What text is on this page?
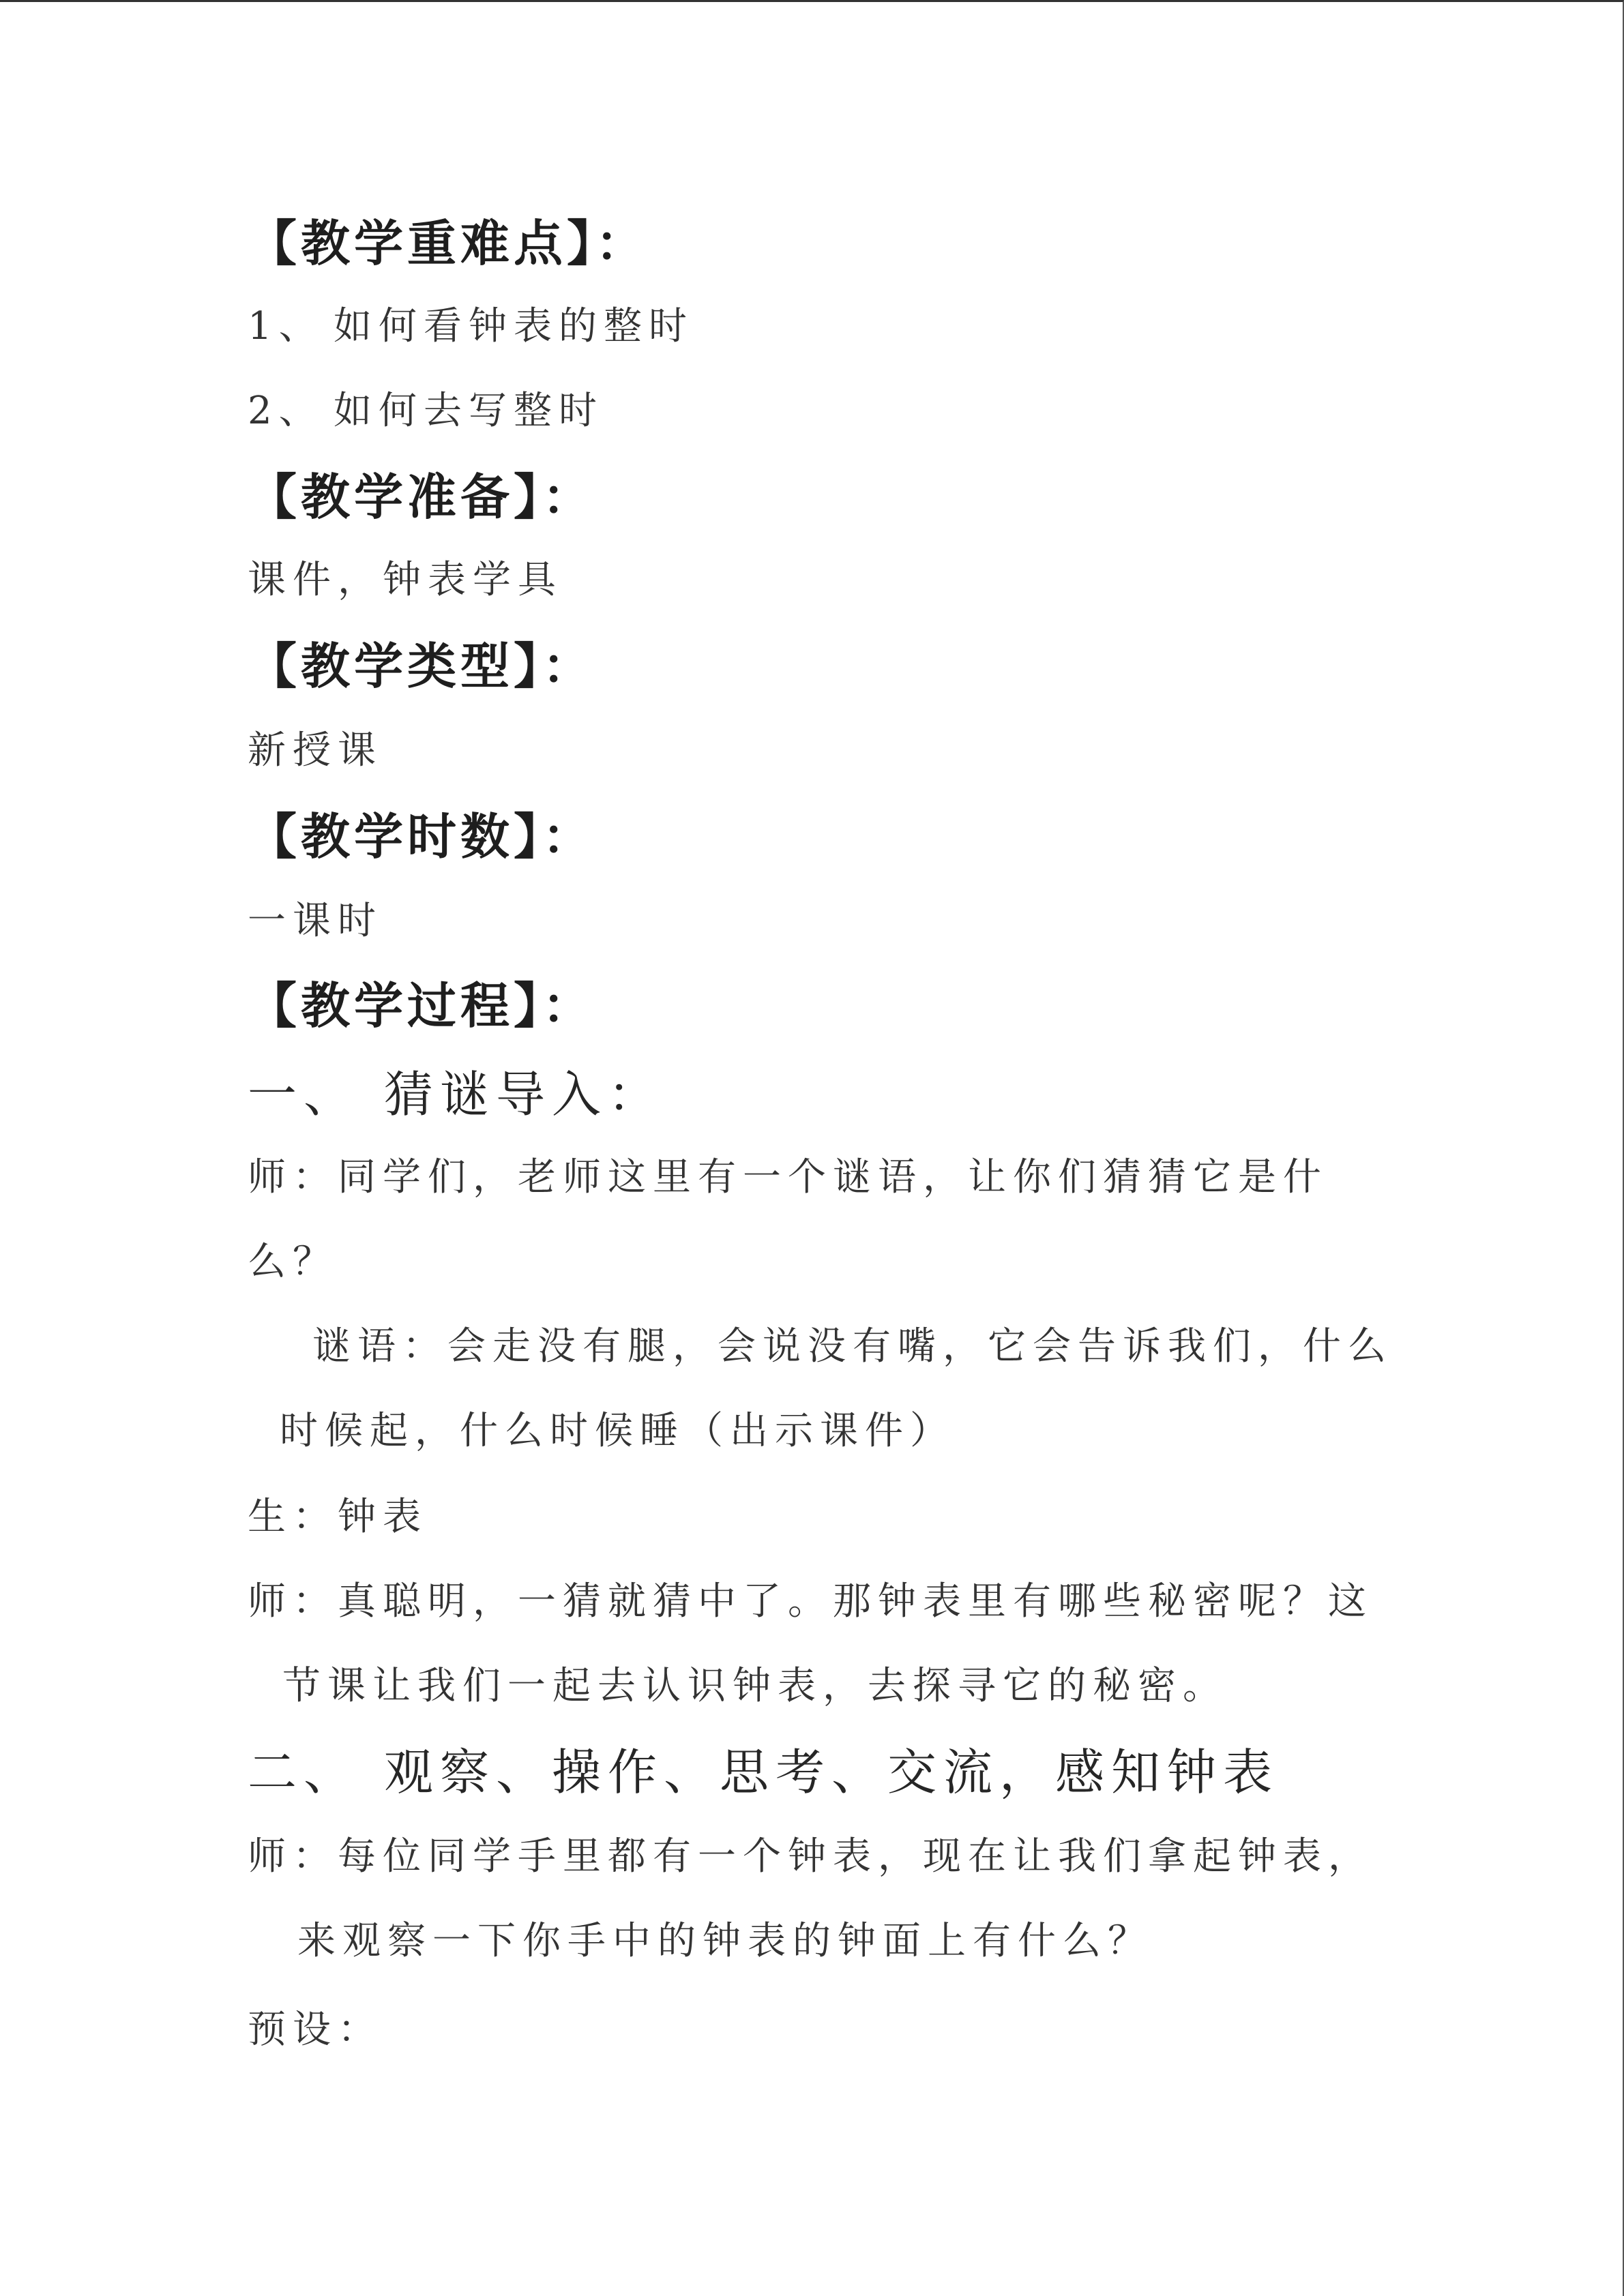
【教学重难点】：
1、 如何看钟表的整时
2、 如何去写整时
【教学准备】：
课件，钟表学具
【教学类型】：
新授课
【教学时数】：
一课时
【教学过程】：
一、 猜谜导入：
师：同学们，老师这里有一个谜语，让你们猜猜它是什
么？
谜语：会走没有腿，会说没有嘴，它会告诉我们，什么
时候起，什么时候睡（出示课件）
生：钟表
师：真聪明，一猜就猜中了。那钟表里有哪些秘密呢？这
节课让我们一起去认识钟表，去探寻它的秘密。
二、 观察、操作、思考、交流，感知钟表
师：每位同学手里都有一个钟表，现在让我们拿起钟表，
来观察一下你手中的钟表的钟面上有什么？
预设：
